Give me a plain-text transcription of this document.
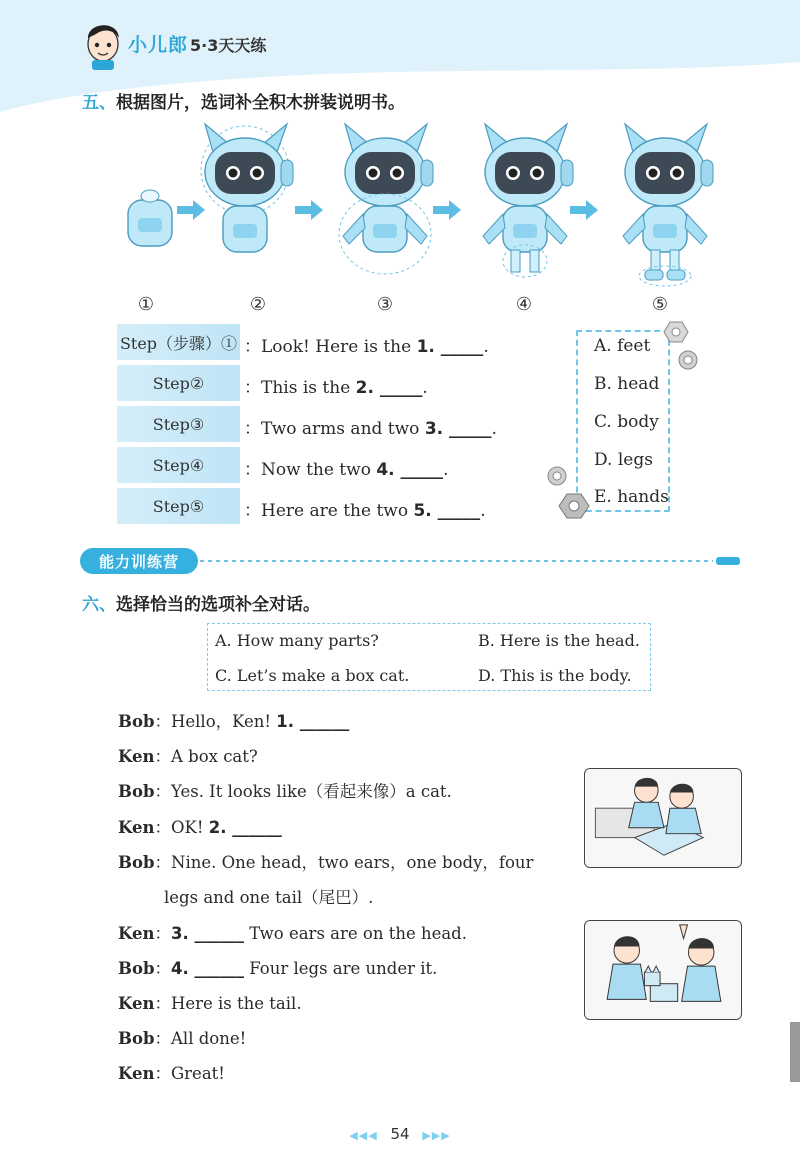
小儿郎 5·3天天练
五、根据图片，选词补全积木拼装说明书。
①	②	③	④	⑤
Step（步骤）① ：Look! Here is the 1. _____.
Step②	：This is the 2. _____.
Step③	：Two arms and two 3. _____.
Step④	：Now the two 4. _____.
Step⑤	：Here are the two 5. _____.
A. feet
B. head
C. body
D. legs
E. hands
能力训练营
六、选择恰当的选项补全对话。
A. How many parts?	B. Here is the head.
C. Let’s make a box cat.	D. This is the body.
Bob：Hello，Ken! 1. ______
Ken：A box cat?
Bob：Yes. It looks like（看起来像）a cat.
Ken：OK! 2. ______
Bob：Nine. One head，two ears，one body，four
legs and one tail（尾巴）.
Ken：3. ______ Two ears are on the head.
Bob：4. ______ Four legs are under it.
Ken：Here is the tail.
Bob：All done!
Ken：Great!
◀◀◀ 54 ▶▶▶
